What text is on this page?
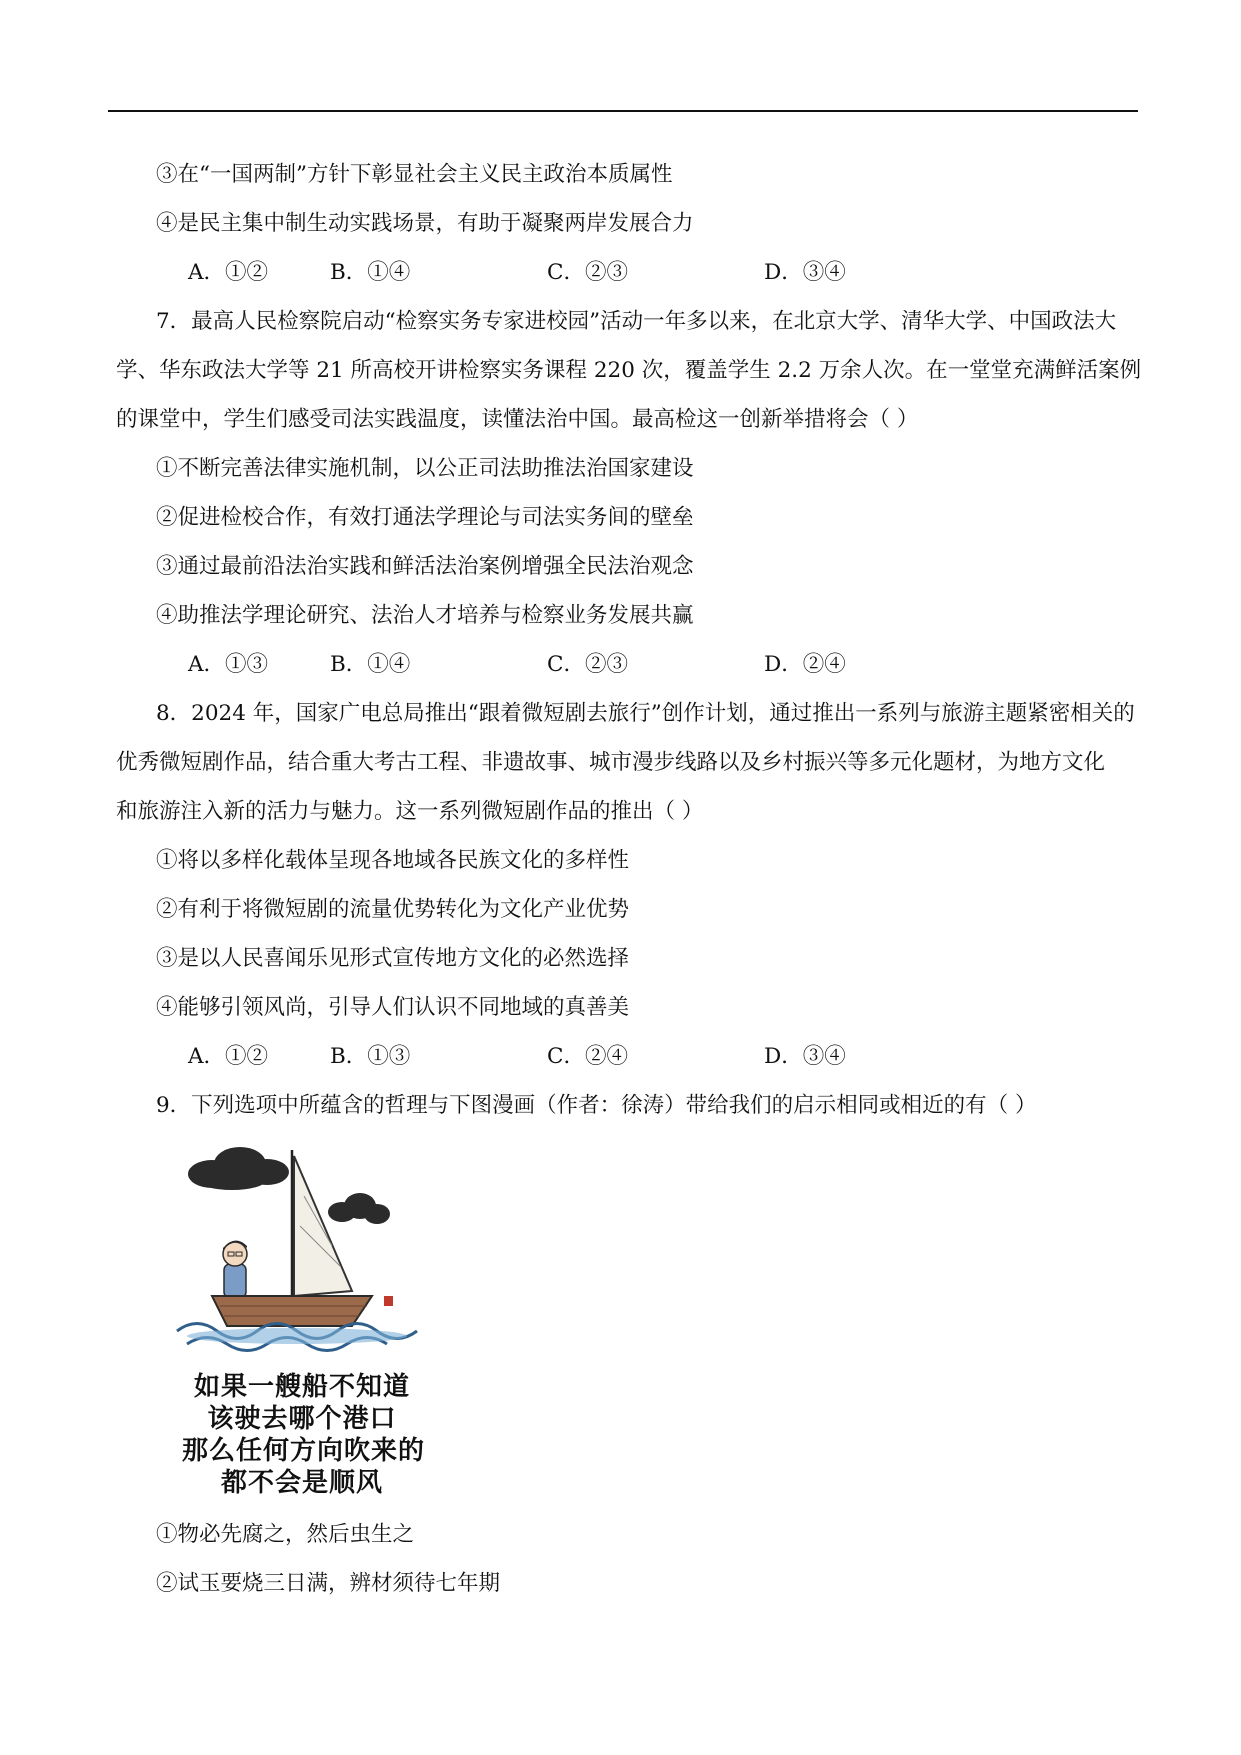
③在“一国两制”方针下彰显社会主义民主政治本质属性
④是民主集中制生动实践场景，有助于凝聚两岸发展合力
A．①②	B．①④	C．②③	D．③④
7．最高人民检察院启动“检察实务专家进校园”活动一年多以来，在北京大学、清华大学、中国政法大
学、华东政法大学等 21 所高校开讲检察实务课程 220 次，覆盖学生 2.2 万余人次。在一堂堂充满鲜活案例
的课堂中，学生们感受司法实践温度，读懂法治中国。最高检这一创新举措将会（ ）
①不断完善法律实施机制，以公正司法助推法治国家建设
②促进检校合作，有效打通法学理论与司法实务间的壁垒
③通过最前沿法治实践和鲜活法治案例增强全民法治观念
④助推法学理论研究、法治人才培养与检察业务发展共赢
A．①③	B．①④	C．②③	D．②④
8．2024 年，国家广电总局推出“跟着微短剧去旅行”创作计划，通过推出一系列与旅游主题紧密相关的
优秀微短剧作品，结合重大考古工程、非遗故事、城市漫步线路以及乡村振兴等多元化题材，为地方文化
和旅游注入新的活力与魅力。这一系列微短剧作品的推出（ ）
①将以多样化载体呈现各地域各民族文化的多样性
②有利于将微短剧的流量优势转化为文化产业优势
③是以人民喜闻乐见形式宣传地方文化的必然选择
④能够引领风尚，引导人们认识不同地域的真善美
A．①②	B．①③	C．②④	D．③④
9．下列选项中所蕴含的哲理与下图漫画（作者：徐涛）带给我们的启示相同或相近的有（ ）
如果一艘船不知道
该驶去哪个港口
那么任何方向吹来的
都不会是顺风
①物必先腐之，然后虫生之
②试玉要烧三日满，辨材须待七年期
